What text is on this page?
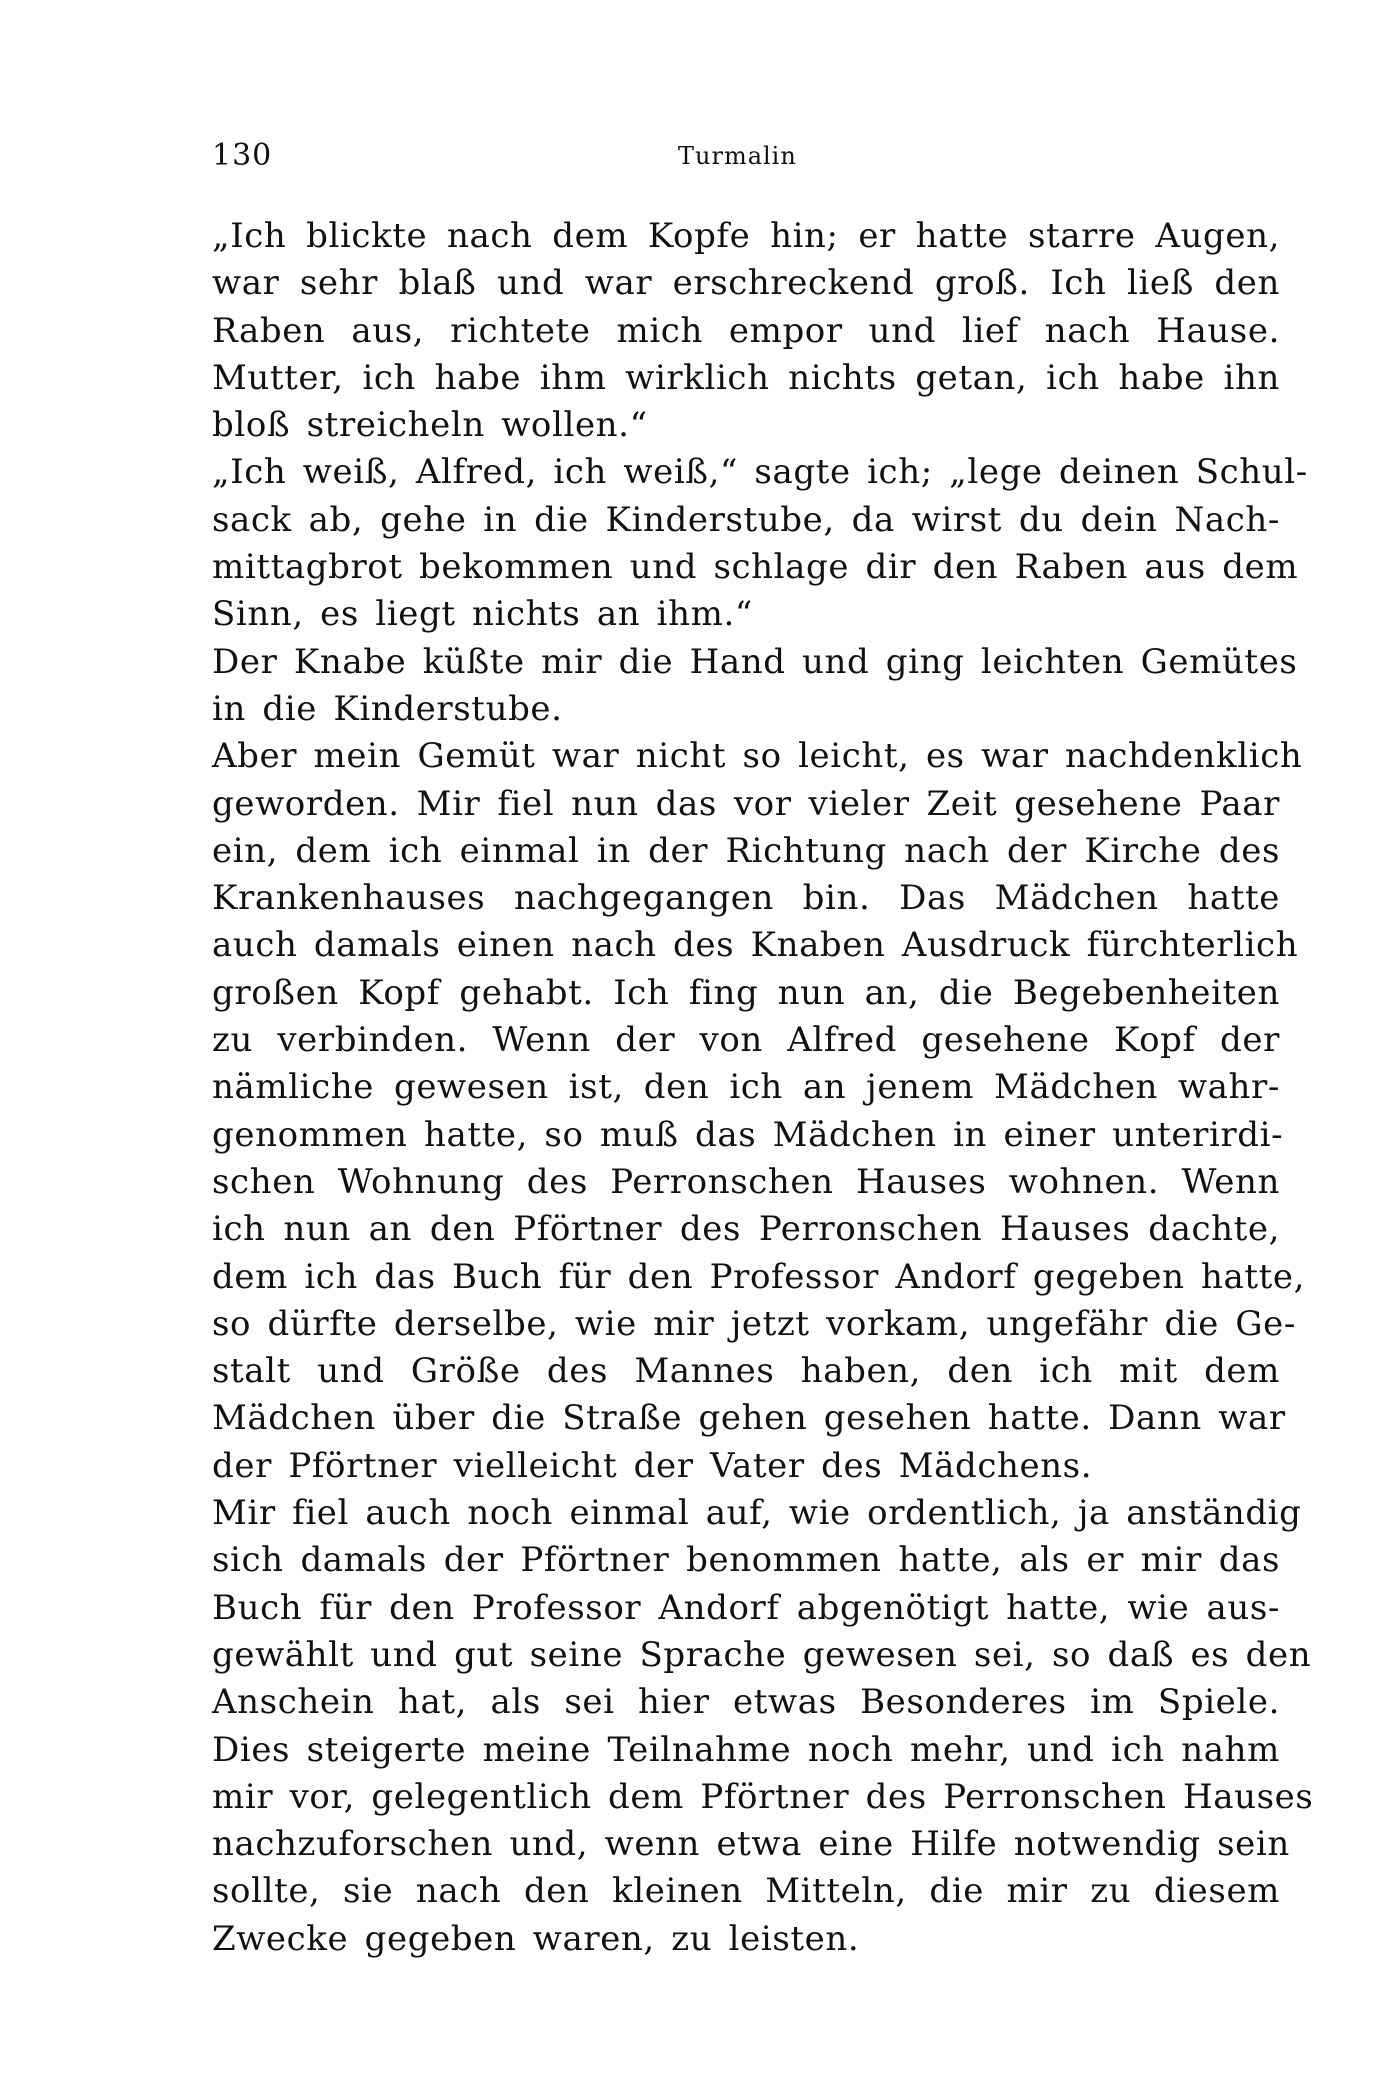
130	Turmalin
„Ich blickte nach dem Kopfe hin; er hatte starre Augen,
war sehr blaß und war erschreckend groß. Ich ließ den
Raben aus, richtete mich empor und lief nach Hause.
Mutter, ich habe ihm wirklich nichts getan, ich habe ihn
bloß streicheln wollen.“
„Ich weiß, Alfred, ich weiß,“ sagte ich; „lege deinen Schul-
sack ab, gehe in die Kinderstube, da wirst du dein Nach-
mittagbrot bekommen und schlage dir den Raben aus dem
Sinn, es liegt nichts an ihm.“
Der Knabe küßte mir die Hand und ging leichten Gemütes
in die Kinderstube.
Aber mein Gemüt war nicht so leicht, es war nachdenklich
geworden. Mir fiel nun das vor vieler Zeit gesehene Paar
ein, dem ich einmal in der Richtung nach der Kirche des
Krankenhauses nachgegangen bin. Das Mädchen hatte
auch damals einen nach des Knaben Ausdruck fürchterlich
großen Kopf gehabt. Ich fing nun an, die Begebenheiten
zu verbinden. Wenn der von Alfred gesehene Kopf der
nämliche gewesen ist, den ich an jenem Mädchen wahr-
genommen hatte, so muß das Mädchen in einer unterirdi-
schen Wohnung des Perronschen Hauses wohnen. Wenn
ich nun an den Pförtner des Perronschen Hauses dachte,
dem ich das Buch für den Professor Andorf gegeben hatte,
so dürfte derselbe, wie mir jetzt vorkam, ungefähr die Ge-
stalt und Größe des Mannes haben, den ich mit dem
Mädchen über die Straße gehen gesehen hatte. Dann war
der Pförtner vielleicht der Vater des Mädchens.
Mir fiel auch noch einmal auf, wie ordentlich, ja anständig
sich damals der Pförtner benommen hatte, als er mir das
Buch für den Professor Andorf abgenötigt hatte, wie aus-
gewählt und gut seine Sprache gewesen sei, so daß es den
Anschein hat, als sei hier etwas Besonderes im Spiele.
Dies steigerte meine Teilnahme noch mehr, und ich nahm
mir vor, gelegentlich dem Pförtner des Perronschen Hauses
nachzuforschen und, wenn etwa eine Hilfe notwendig sein
sollte, sie nach den kleinen Mitteln, die mir zu diesem
Zwecke gegeben waren, zu leisten.
